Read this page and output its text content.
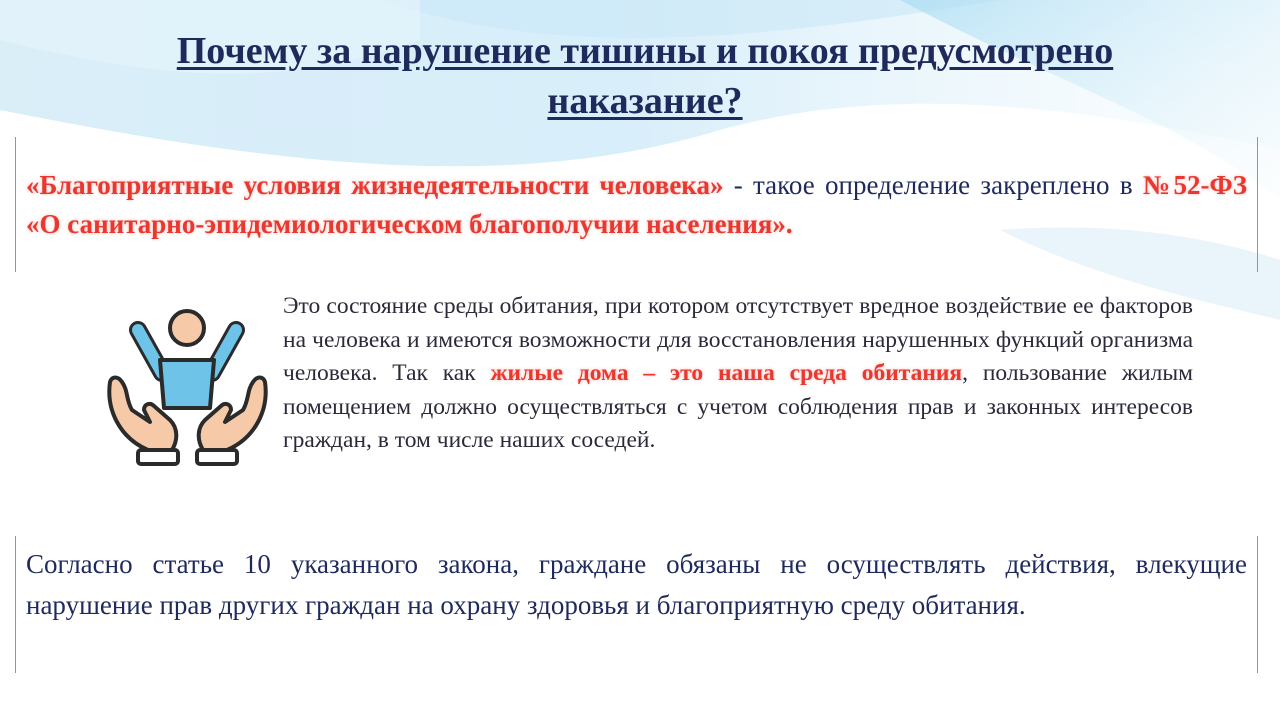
Почему за нарушение тишины и покоя предусмотрено наказание?
«Благоприятные условия жизнедеятельности человека» - такое определение закреплено в №52-ФЗ «О санитарно-эпидемиологическом благополучии населения».
Это состояние среды обитания, при котором отсутствует вредное воздействие ее факторов на человека и имеются возможности для восстановления нарушенных функций организма человека. Так как жилые дома – это наша среда обитания, пользование жилым помещением должно осуществляться с учетом соблюдения прав и законных интересов граждан, в том числе наших соседей.
Согласно статье 10 указанного закона, граждане обязаны не осуществлять действия, влекущие нарушение прав других граждан на охрану здоровья и благоприятную среду обитания.
